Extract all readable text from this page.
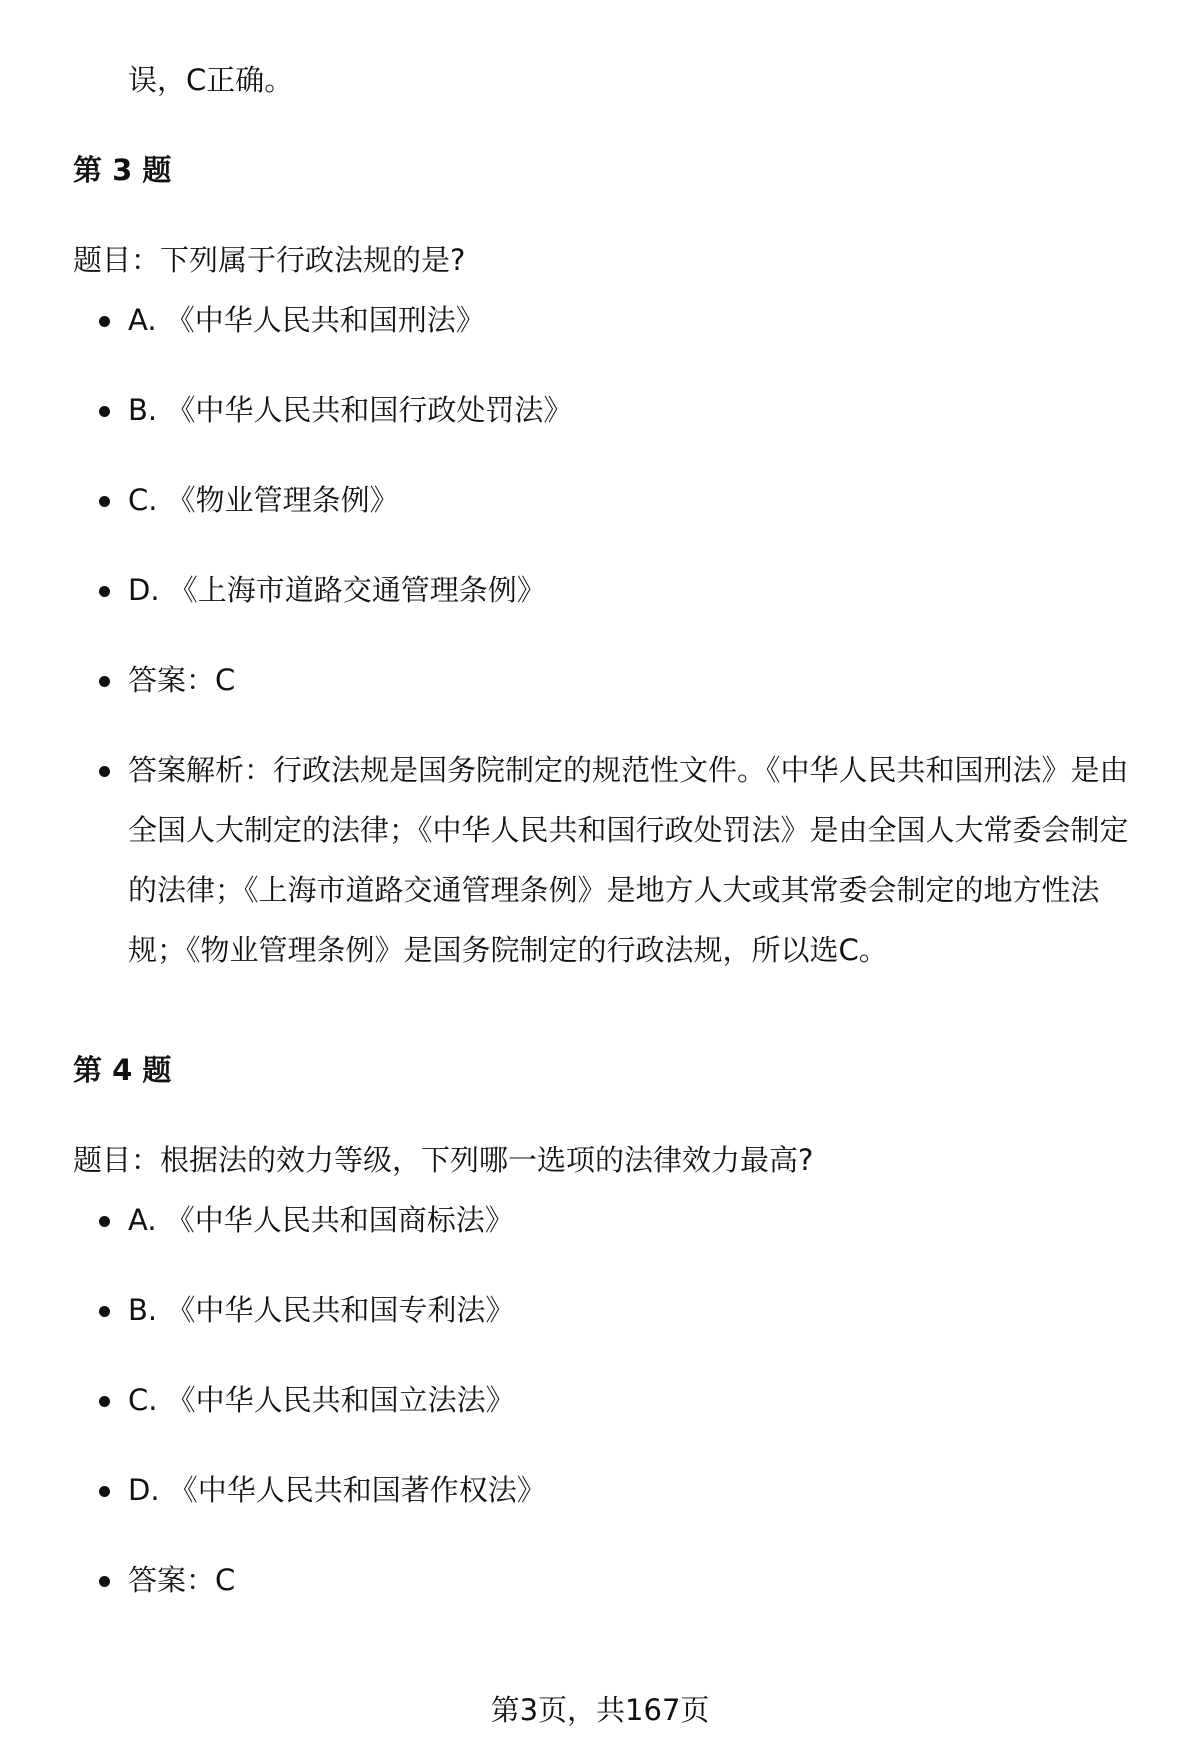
误，C正确。
第 3 题
题目：下列属于行政法规的是?
A. 《中华人民共和国刑法》
B. 《中华人民共和国行政处罚法》
C. 《物业管理条例》
D. 《上海市道路交通管理条例》
答案：C
答案解析：行政法规是国务院制定的规范性文件。《中华人民共和国刑法》是由全国人大制定的法律；《中华人民共和国行政处罚法》是由全国人大常委会制定的法律；《上海市道路交通管理条例》是地方人大或其常委会制定的地方性法规；《物业管理条例》是国务院制定的行政法规，所以选C。
第 4 题
题目：根据法的效力等级，下列哪一选项的法律效力最高?
A. 《中华人民共和国商标法》
B. 《中华人民共和国专利法》
C. 《中华人民共和国立法法》
D. 《中华人民共和国著作权法》
答案：C
第3页，共167页
